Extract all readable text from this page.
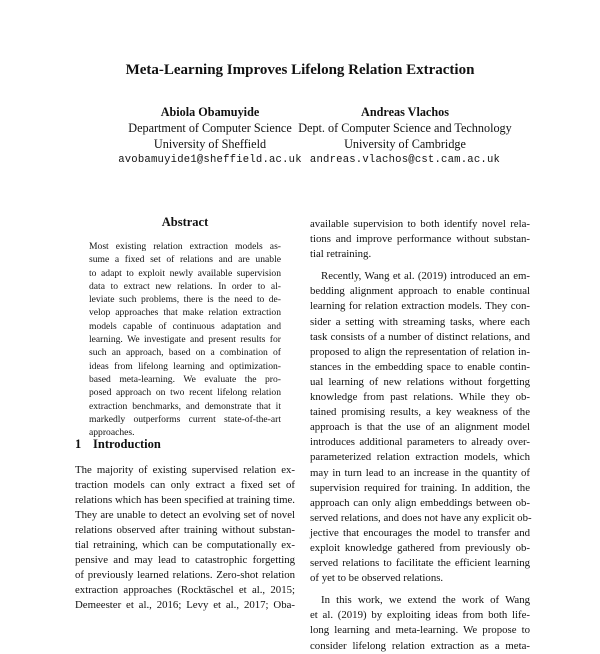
Meta-Learning Improves Lifelong Relation Extraction
Abiola Obamuyide
Department of Computer Science
University of Sheffield
avobamuyide1@sheffield.ac.uk
Andreas Vlachos
Dept. of Computer Science and Technology
University of Cambridge
andreas.vlachos@cst.cam.ac.uk
Abstract
Most existing relation extraction models as-
sume a fixed set of relations and are unable
to adapt to exploit newly available supervision
data to extract new relations. In order to al-
leviate such problems, there is the need to de-
velop approaches that make relation extraction
models capable of continuous adaptation and
learning. We investigate and present results for
such an approach, based on a combination of
ideas from lifelong learning and optimization-
based meta-learning. We evaluate the pro-
posed approach on two recent lifelong relation
extraction benchmarks, and demonstrate that it
markedly outperforms current state-of-the-art
approaches.
1 Introduction
The majority of existing supervised relation ex-
traction models can only extract a fixed set of
relations which has been specified at training time.
They are unable to detect an evolving set of novel
relations observed after training without substan-
tial retraining, which can be computationally ex-
pensive and may lead to catastrophic forgetting
of previously learned relations. Zero-shot relation
extraction approaches (Rocktäschel et al., 2015;
Demeester et al., 2016; Levy et al., 2017; Oba-
available supervision to both identify novel rela-
tions and improve performance without substan-
tial retraining.
Recently, Wang et al. (2019) introduced an em-
bedding alignment approach to enable continual
learning for relation extraction models. They con-
sider a setting with streaming tasks, where each
task consists of a number of distinct relations, and
proposed to align the representation of relation in-
stances in the embedding space to enable contin-
ual learning of new relations without forgetting
knowledge from past relations. While they ob-
tained promising results, a key weakness of the
approach is that the use of an alignment model
introduces additional parameters to already over-
parameterized relation extraction models, which
may in turn lead to an increase in the quantity of
supervision required for training. In addition, the
approach can only align embeddings between ob-
served relations, and does not have any explicit ob-
jective that encourages the model to transfer and
exploit knowledge gathered from previously ob-
served relations to facilitate the efficient learning
of yet to be observed relations.
In this work, we extend the work of Wang
et al. (2019) by exploiting ideas from both life-
long learning and meta-learning. We propose to
consider lifelong relation extraction as a meta-
